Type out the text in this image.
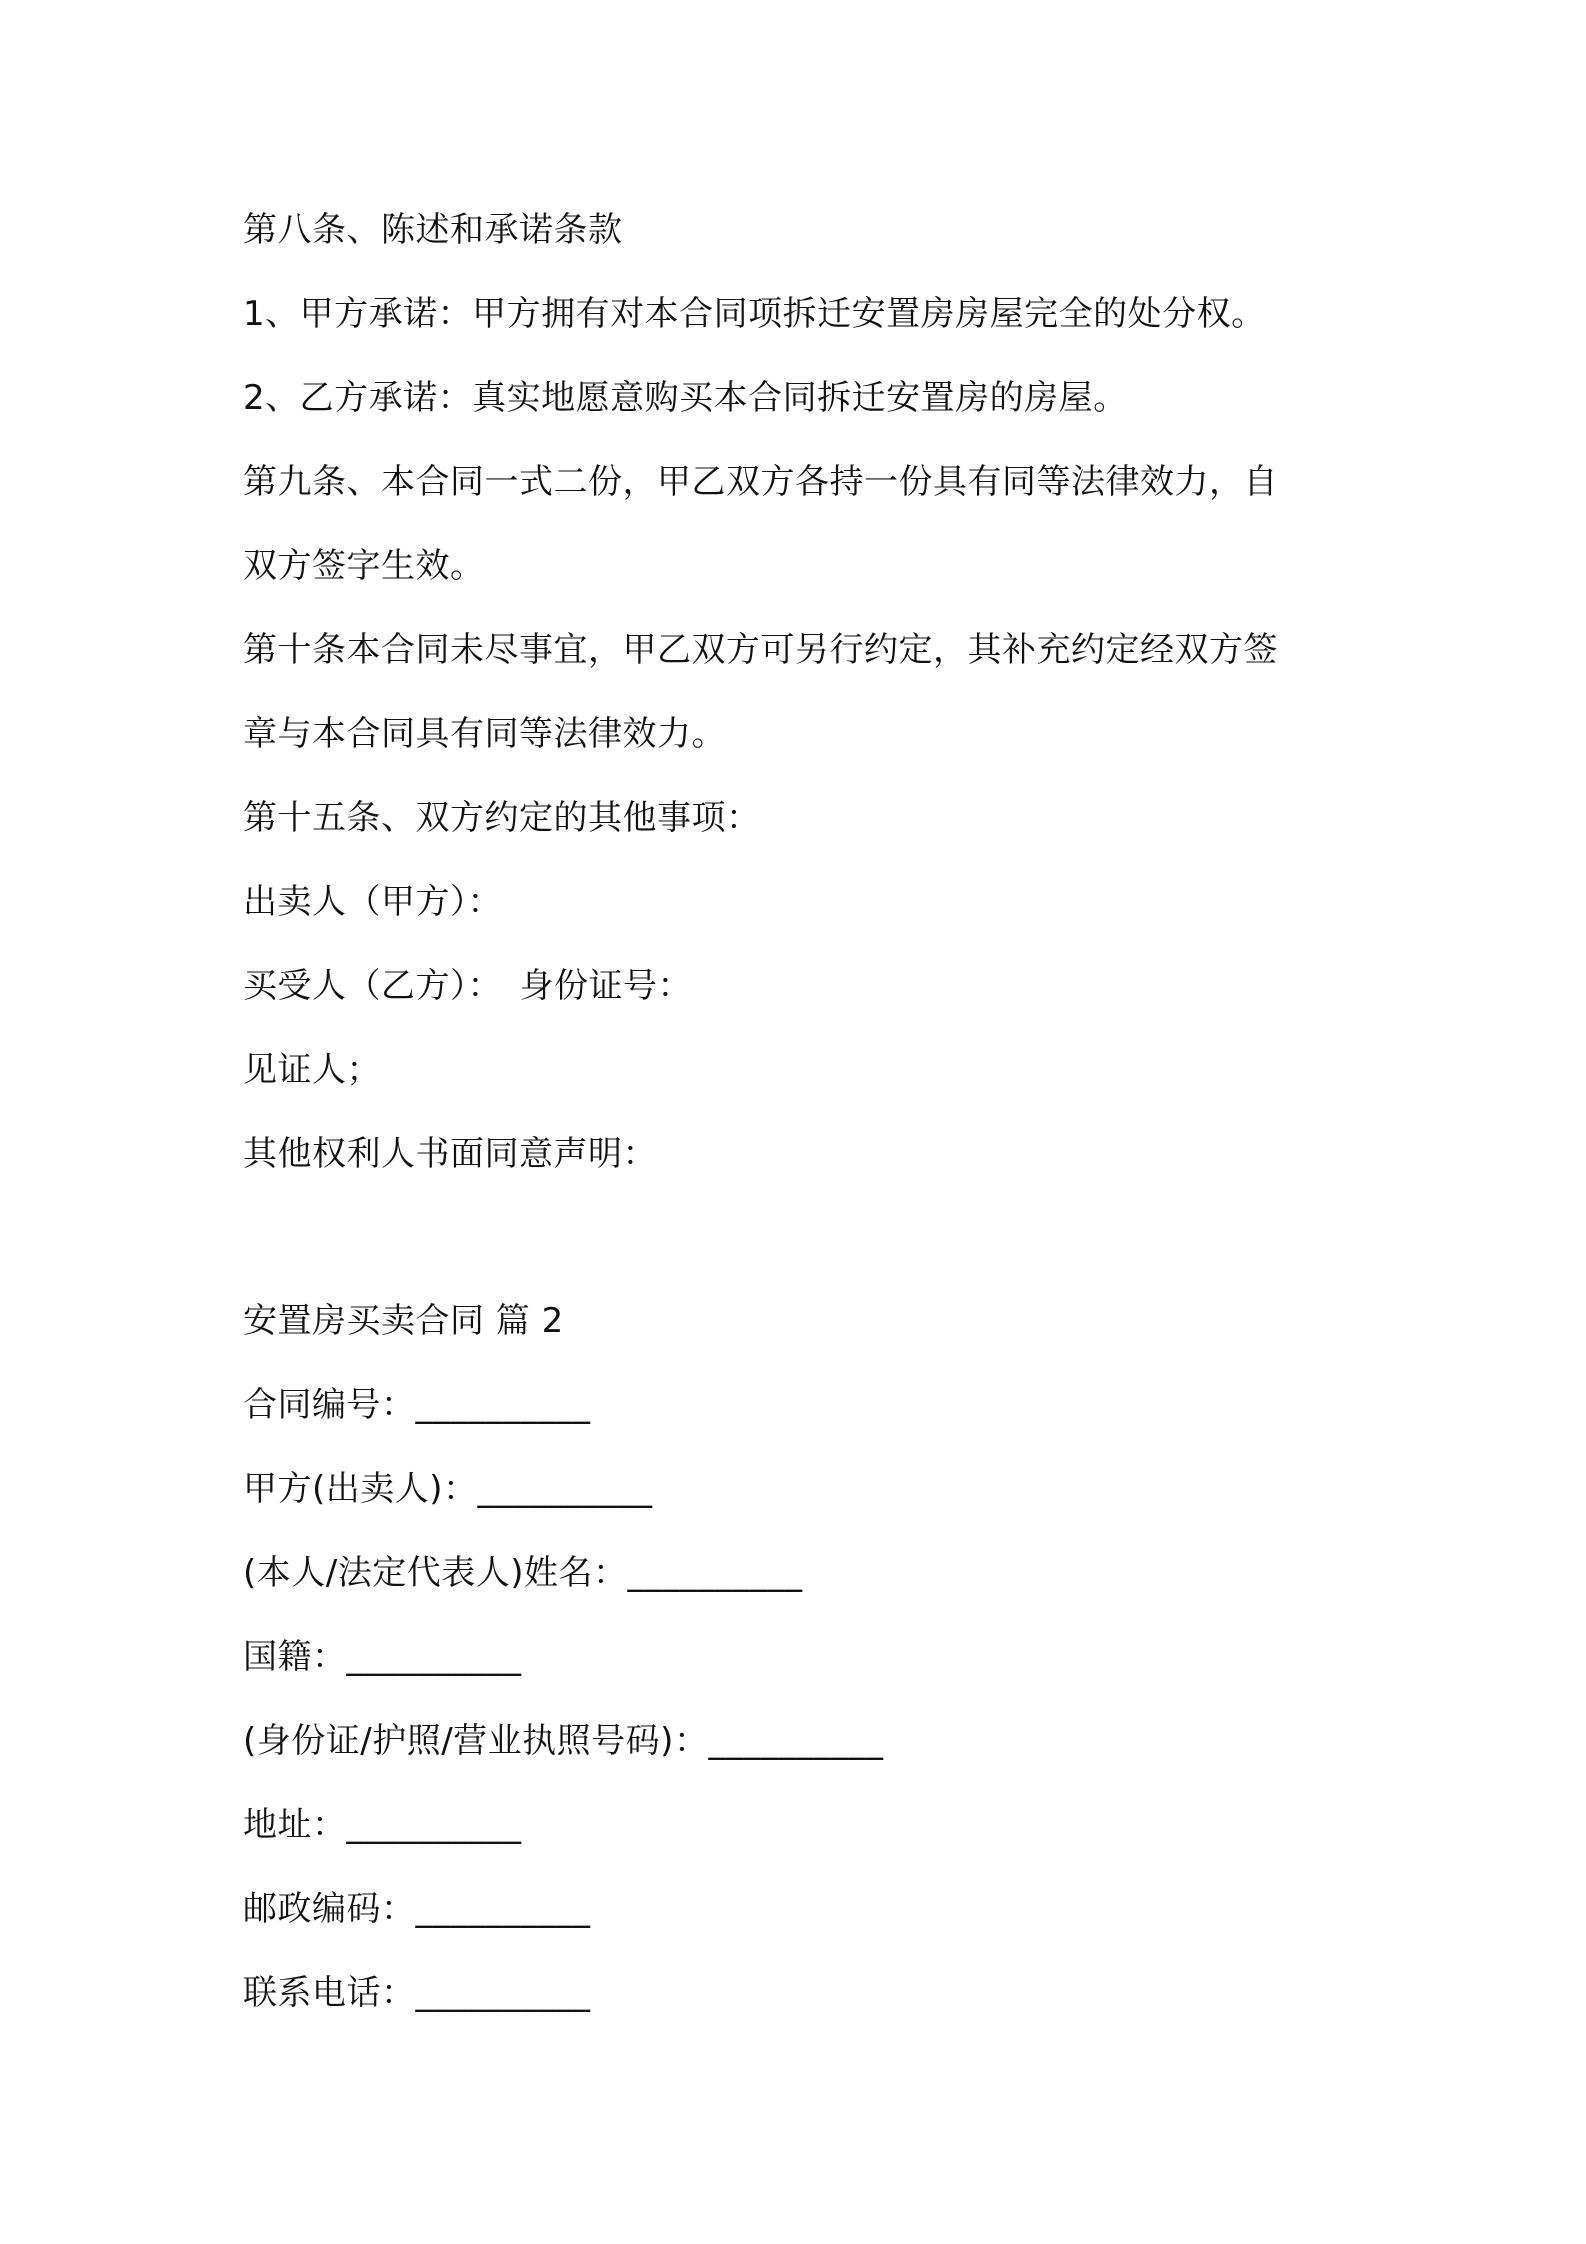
第八条、陈述和承诺条款
1、甲方承诺：甲方拥有对本合同项拆迁安置房房屋完全的处分权。
2、乙方承诺：真实地愿意购买本合同拆迁安置房的房屋。
第九条、本合同一式二份，甲乙双方各持一份具有同等法律效力，自
双方签字生效。
第十条本合同未尽事宜，甲乙双方可另行约定，其补充约定经双方签
章与本合同具有同等法律效力。
第十五条、双方约定的其他事项：
出卖人（甲方）：
买受人（乙方）：　身份证号：
见证人；
其他权利人书面同意声明：
安置房买卖合同 篇 2
合同编号：__________
甲方(出卖人)：__________
(本人/法定代表人)姓名：__________
国籍：__________
(身份证/护照/营业执照号码)：__________
地址：__________
邮政编码：__________
联系电话：__________
